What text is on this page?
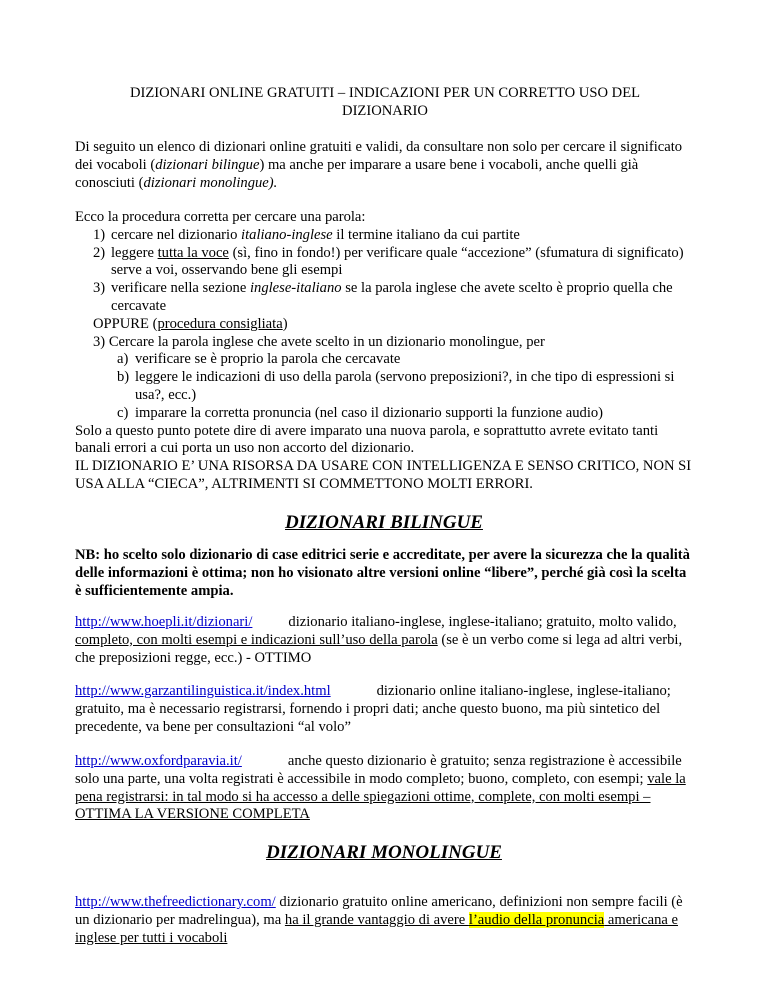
DIZIONARI ONLINE GRATUITI – INDICAZIONI PER UN CORRETTO USO DEL
DIZIONARIO
Di seguito un elenco di dizionari online gratuiti e validi, da consultare non solo per cercare il significato dei vocaboli (dizionari bilingue) ma anche per imparare a usare bene i vocaboli, anche quelli già conosciuti (dizionari monolingue).
Ecco la procedura corretta per cercare una parola:
1) cercare nel dizionario italiano-inglese il termine italiano da cui partite
2) leggere tutta la voce (sì, fino in fondo!) per verificare quale “accezione” (sfumatura di significato) serve a voi, osservando bene gli esempi
3) verificare nella sezione inglese-italiano se la parola inglese che avete scelto è proprio quella che cercavate
OPPURE (procedura consigliata)
3) Cercare la parola inglese che avete scelto in un dizionario monolingue, per
a) verificare se è proprio la parola che cercavate
b) leggere le indicazioni di uso della parola (servono preposizioni?, in che tipo di espressioni si usa?, ecc.)
c) imparare la corretta pronuncia (nel caso il dizionario supporti la funzione audio)
Solo a questo punto potete dire di avere imparato una nuova parola, e soprattutto avrete evitato tanti banali errori a cui porta un uso non accorto del dizionario.
IL DIZIONARIO E’ UNA RISORSA DA USARE CON INTELLIGENZA E SENSO CRITICO, NON SI USA ALLA “CIECA”, ALTRIMENTI SI COMMETTONO MOLTI ERRORI.
DIZIONARI BILINGUE
NB: ho scelto solo dizionario di case editrici serie e accreditate, per avere la sicurezza che la qualità delle informazioni è ottima; non ho visionato altre versioni online “libere”, perché già così la scelta è sufficientemente ampia.
http://www.hoepli.it/dizionari/ dizionario italiano-inglese, inglese-italiano; gratuito, molto valido, completo, con molti esempi e indicazioni sull’uso della parola (se è un verbo come si lega ad altri verbi, che preposizioni regge, ecc.) - OTTIMO
http://www.garzantilinguistica.it/index.html	dizionario online italiano-inglese, inglese-italiano; gratuito, ma è necessario registrarsi, fornendo i propri dati; anche questo buono, ma più sintetico del precedente, va bene per consultazioni “al volo”
http://www.oxfordparavia.it/	anche questo dizionario è gratuito; senza registrazione è accessibile solo una parte, una volta registrati è accessibile in modo completo; buono, completo, con esempi; vale la pena registrarsi: in tal modo si ha accesso a delle spiegazioni ottime, complete, con molti esempi – OTTIMA LA VERSIONE COMPLETA
DIZIONARI MONOLINGUE
http://www.thefreedictionary.com/ dizionario gratuito online americano, definizioni non sempre facili (è un dizionario per madrelingua), ma ha il grande vantaggio di avere l’audio della pronuncia americana e inglese per tutti i vocaboli
